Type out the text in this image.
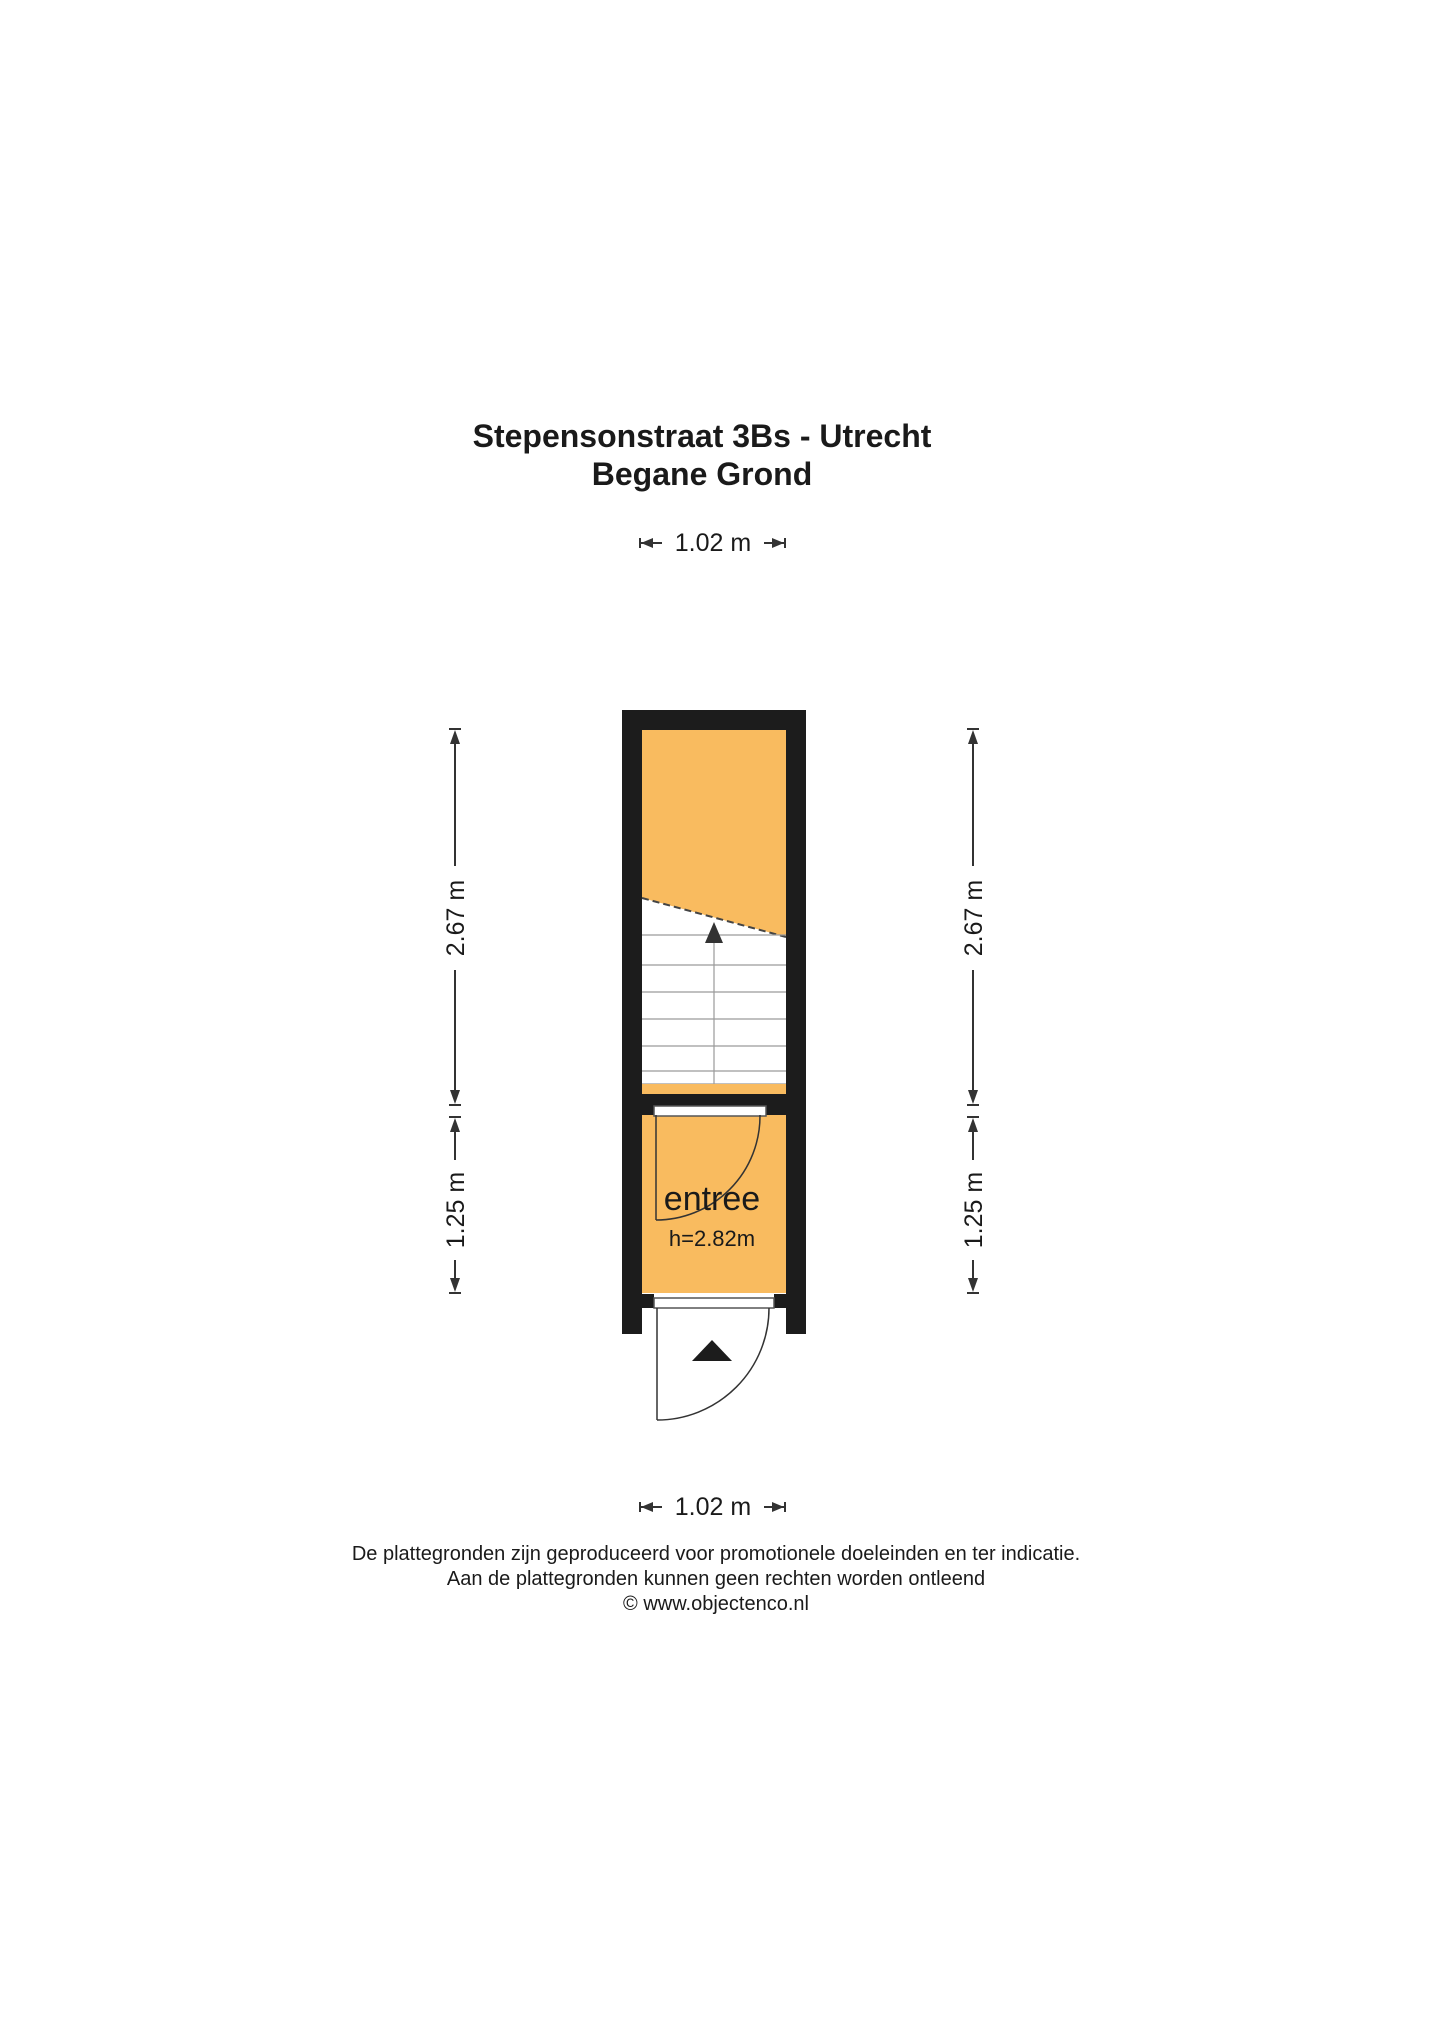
Stepensonstraat 3Bs - Utrecht
Begane Grond
1.02 m
1.02 m
2.67 m
1.25 m
2.67 m
1.25 m
entree
h=2.82m
De plattegronden zijn geproduceerd voor promotionele doeleinden en ter indicatie.
Aan de plattegronden kunnen geen rechten worden ontleend
© www.objectenco.nl
